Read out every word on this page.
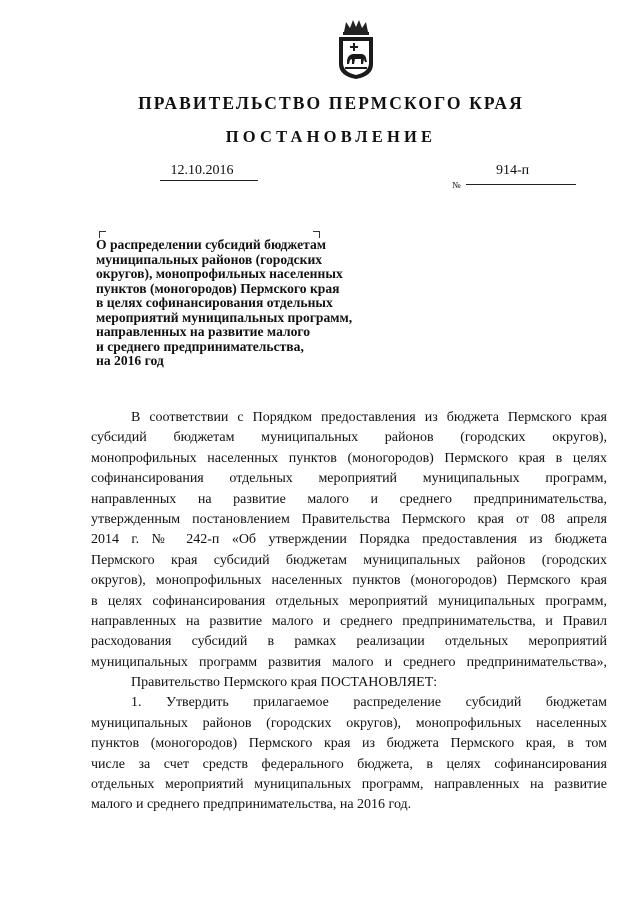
ПРАВИТЕЛЬСТВО ПЕРМСКОГО КРАЯ
ПОСТАНОВЛЕНИЕ
12.10.2016
№
914-п
О распределении субсидий бюджетам
муниципальных районов (городских
округов), монопрофильных населенных
пунктов (моногородов) Пермского края
в целях софинансирования отдельных
мероприятий муниципальных программ,
направленных на развитие малого
и среднего предпринимательства,
на 2016 год
В соответствии с Порядком предоставления из бюджета Пермского края
субсидий бюджетам муниципальных районов (городских округов),
монопрофильных населенных пунктов (моногородов) Пермского края в целях
софинансирования отдельных мероприятий муниципальных программ,
направленных на развитие малого и среднего предпринимательства,
утвержденным постановлением Правительства Пермского края от 08 апреля
2014 г. № 242-п «Об утверждении Порядка предоставления из бюджета
Пермского края субсидий бюджетам муниципальных районов (городских
округов), монопрофильных населенных пунктов (моногородов) Пермского края
в целях софинансирования отдельных мероприятий муниципальных программ,
направленных на развитие малого и среднего предпринимательства, и Правил
расходования субсидий в рамках реализации отдельных мероприятий
муниципальных программ развития малого и среднего предпринимательства»,
Правительство Пермского края ПОСТАНОВЛЯЕТ:
1. Утвердить прилагаемое распределение субсидий бюджетам
муниципальных районов (городских округов), монопрофильных населенных
пунктов (моногородов) Пермского края из бюджета Пермского края, в том
числе за счет средств федерального бюджета, в целях софинансирования
отдельных мероприятий муниципальных программ, направленных на развитие
малого и среднего предпринимательства, на 2016 год.
